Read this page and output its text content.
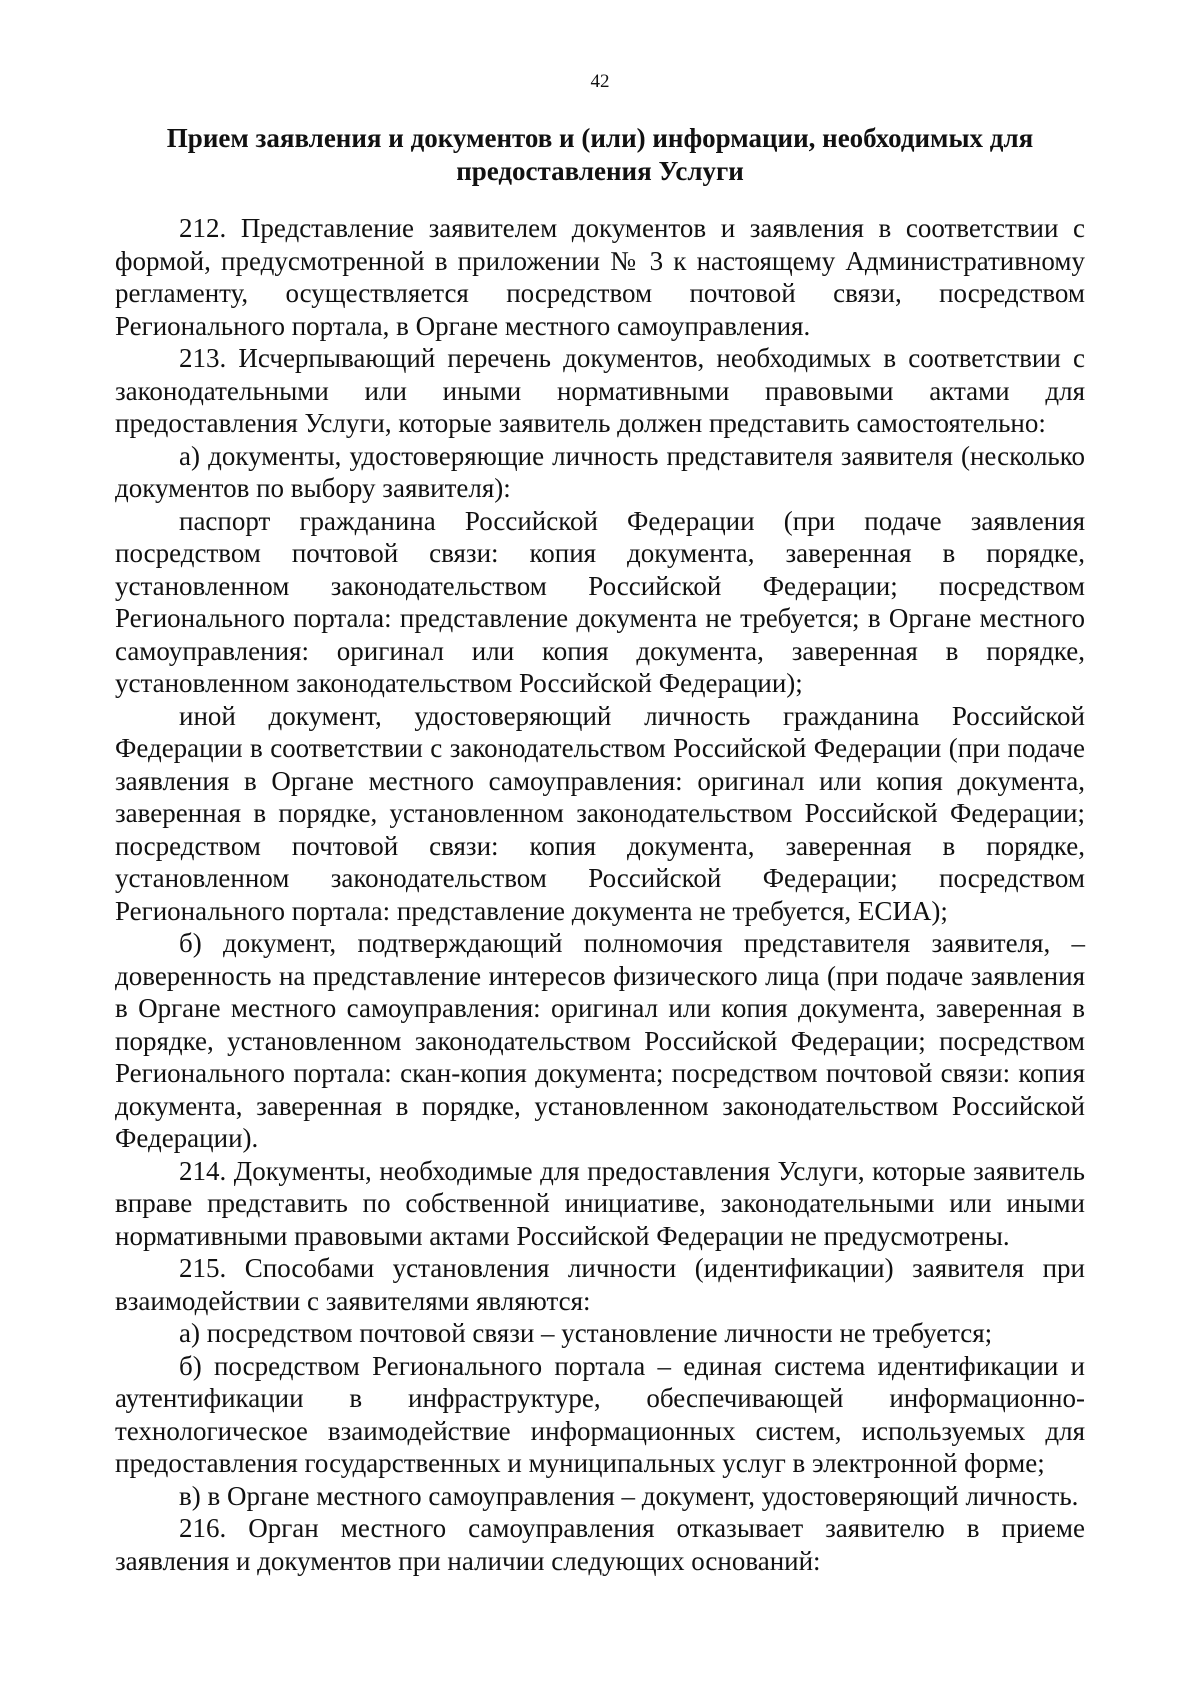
42
Прием заявления и документов и (или) информации, необходимых для
предоставления Услуги

212. Представление заявителем документов и заявления в соответствии с формой, предусмотренной в приложении № 3 к настоящему Административному регламенту, осуществляется посредством почтовой связи, посредством Регионального портала, в Органе местного самоуправления.

213. Исчерпывающий перечень документов, необходимых в соответствии с законодательными или иными нормативными правовыми актами для предоставления Услуги, которые заявитель должен представить самостоятельно:

а) документы, удостоверяющие личность представителя заявителя (несколько документов по выбору заявителя):

паспорт гражданина Российской Федерации (при подаче заявления посредством почтовой связи: копия документа, заверенная в порядке, установленном законодательством Российской Федерации; посредством Регионального портала: представление документа не требуется; в Органе местного самоуправления: оригинал или копия документа, заверенная в порядке, установленном законодательством Российской Федерации);

иной документ, удостоверяющий личность гражданина Российской Федерации в соответствии с законодательством Российской Федерации (при подаче заявления в Органе местного самоуправления: оригинал или копия документа, заверенная в порядке, установленном законодательством Российской Федерации; посредством почтовой связи: копия документа, заверенная в порядке, установленном законодательством Российской Федерации; посредством Регионального портала: представление документа не требуется, ЕСИА);

б) документ, подтверждающий полномочия представителя заявителя, – доверенность на представление интересов физического лица (при подаче заявления в Органе местного самоуправления: оригинал или копия документа, заверенная в порядке, установленном законодательством Российской Федерации; посредством Регионального портала: скан-копия документа; посредством почтовой связи: копия документа, заверенная в порядке, установленном законодательством Российской Федерации).

214. Документы, необходимые для предоставления Услуги, которые заявитель вправе представить по собственной инициативе, законодательными или иными нормативными правовыми актами Российской Федерации не предусмотрены.

215. Способами установления личности (идентификации) заявителя при взаимодействии с заявителями являются:

а) посредством почтовой связи – установление личности не требуется;

б) посредством Регионального портала – единая система идентификации и аутентификации в инфраструктуре, обеспечивающей информационно-технологическое взаимодействие информационных систем, используемых для предоставления государственных и муниципальных услуг в электронной форме;

в) в Органе местного самоуправления – документ, удостоверяющий личность.

216. Орган местного самоуправления отказывает заявителю в приеме заявления и документов при наличии следующих оснований:
